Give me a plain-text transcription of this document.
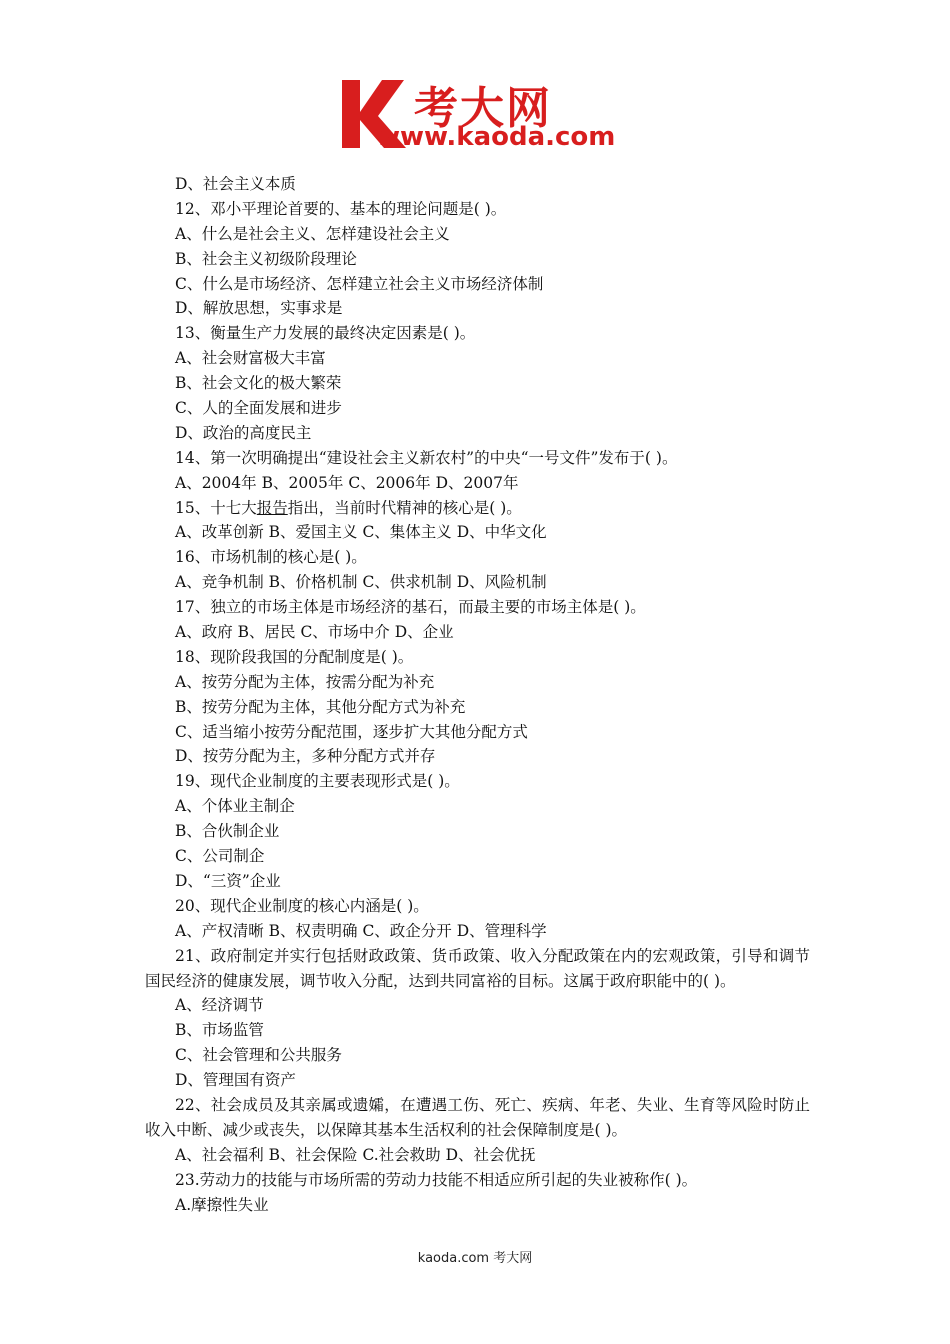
考大网
www.kaoda.com
D、社会主义本质
12、邓小平理论首要的、基本的理论问题是( )。
A、什么是社会主义、怎样建设社会主义
B、社会主义初级阶段理论
C、什么是市场经济、怎样建立社会主义市场经济体制
D、解放思想，实事求是
13、衡量生产力发展的最终决定因素是( )。
A、社会财富极大丰富
B、社会文化的极大繁荣
C、人的全面发展和进步
D、政治的高度民主
14、第一次明确提出“建设社会主义新农村”的中央“一号文件”发布于( )。
A、2004年 B、2005年 C、2006年 D、2007年
15、十七大报告指出，当前时代精神的核心是( )。
A、改革创新 B、爱国主义 C、集体主义 D、中华文化
16、市场机制的核心是( )。
A、竞争机制 B、价格机制 C、供求机制 D、风险机制
17、独立的市场主体是市场经济的基石，而最主要的市场主体是( )。
A、政府 B、居民 C、市场中介 D、企业
18、现阶段我国的分配制度是( )。
A、按劳分配为主体，按需分配为补充
B、按劳分配为主体，其他分配方式为补充
C、适当缩小按劳分配范围，逐步扩大其他分配方式
D、按劳分配为主，多种分配方式并存
19、现代企业制度的主要表现形式是( )。
A、个体业主制企
B、合伙制企业
C、公司制企
D、“三资”企业
20、现代企业制度的核心内涵是( )。
A、产权清晰 B、权责明确 C、政企分开 D、管理科学
21、政府制定并实行包括财政政策、货币政策、收入分配政策在内的宏观政策，引导和调节国民经济的健康发展，调节收入分配，达到共同富裕的目标。这属于政府职能中的( )。
A、经济调节
B、市场监管
C、社会管理和公共服务
D、管理国有资产
22、社会成员及其亲属或遗孀，在遭遇工伤、死亡、疾病、年老、失业、生育等风险时防止收入中断、减少或丧失，以保障其基本生活权利的社会保障制度是( )。
A、社会福利 B、社会保险 C.社会救助 D、社会优抚
23.劳动力的技能与市场所需的劳动力技能不相适应所引起的失业被称作( )。
A.摩擦性失业
kaoda.com 考大网
